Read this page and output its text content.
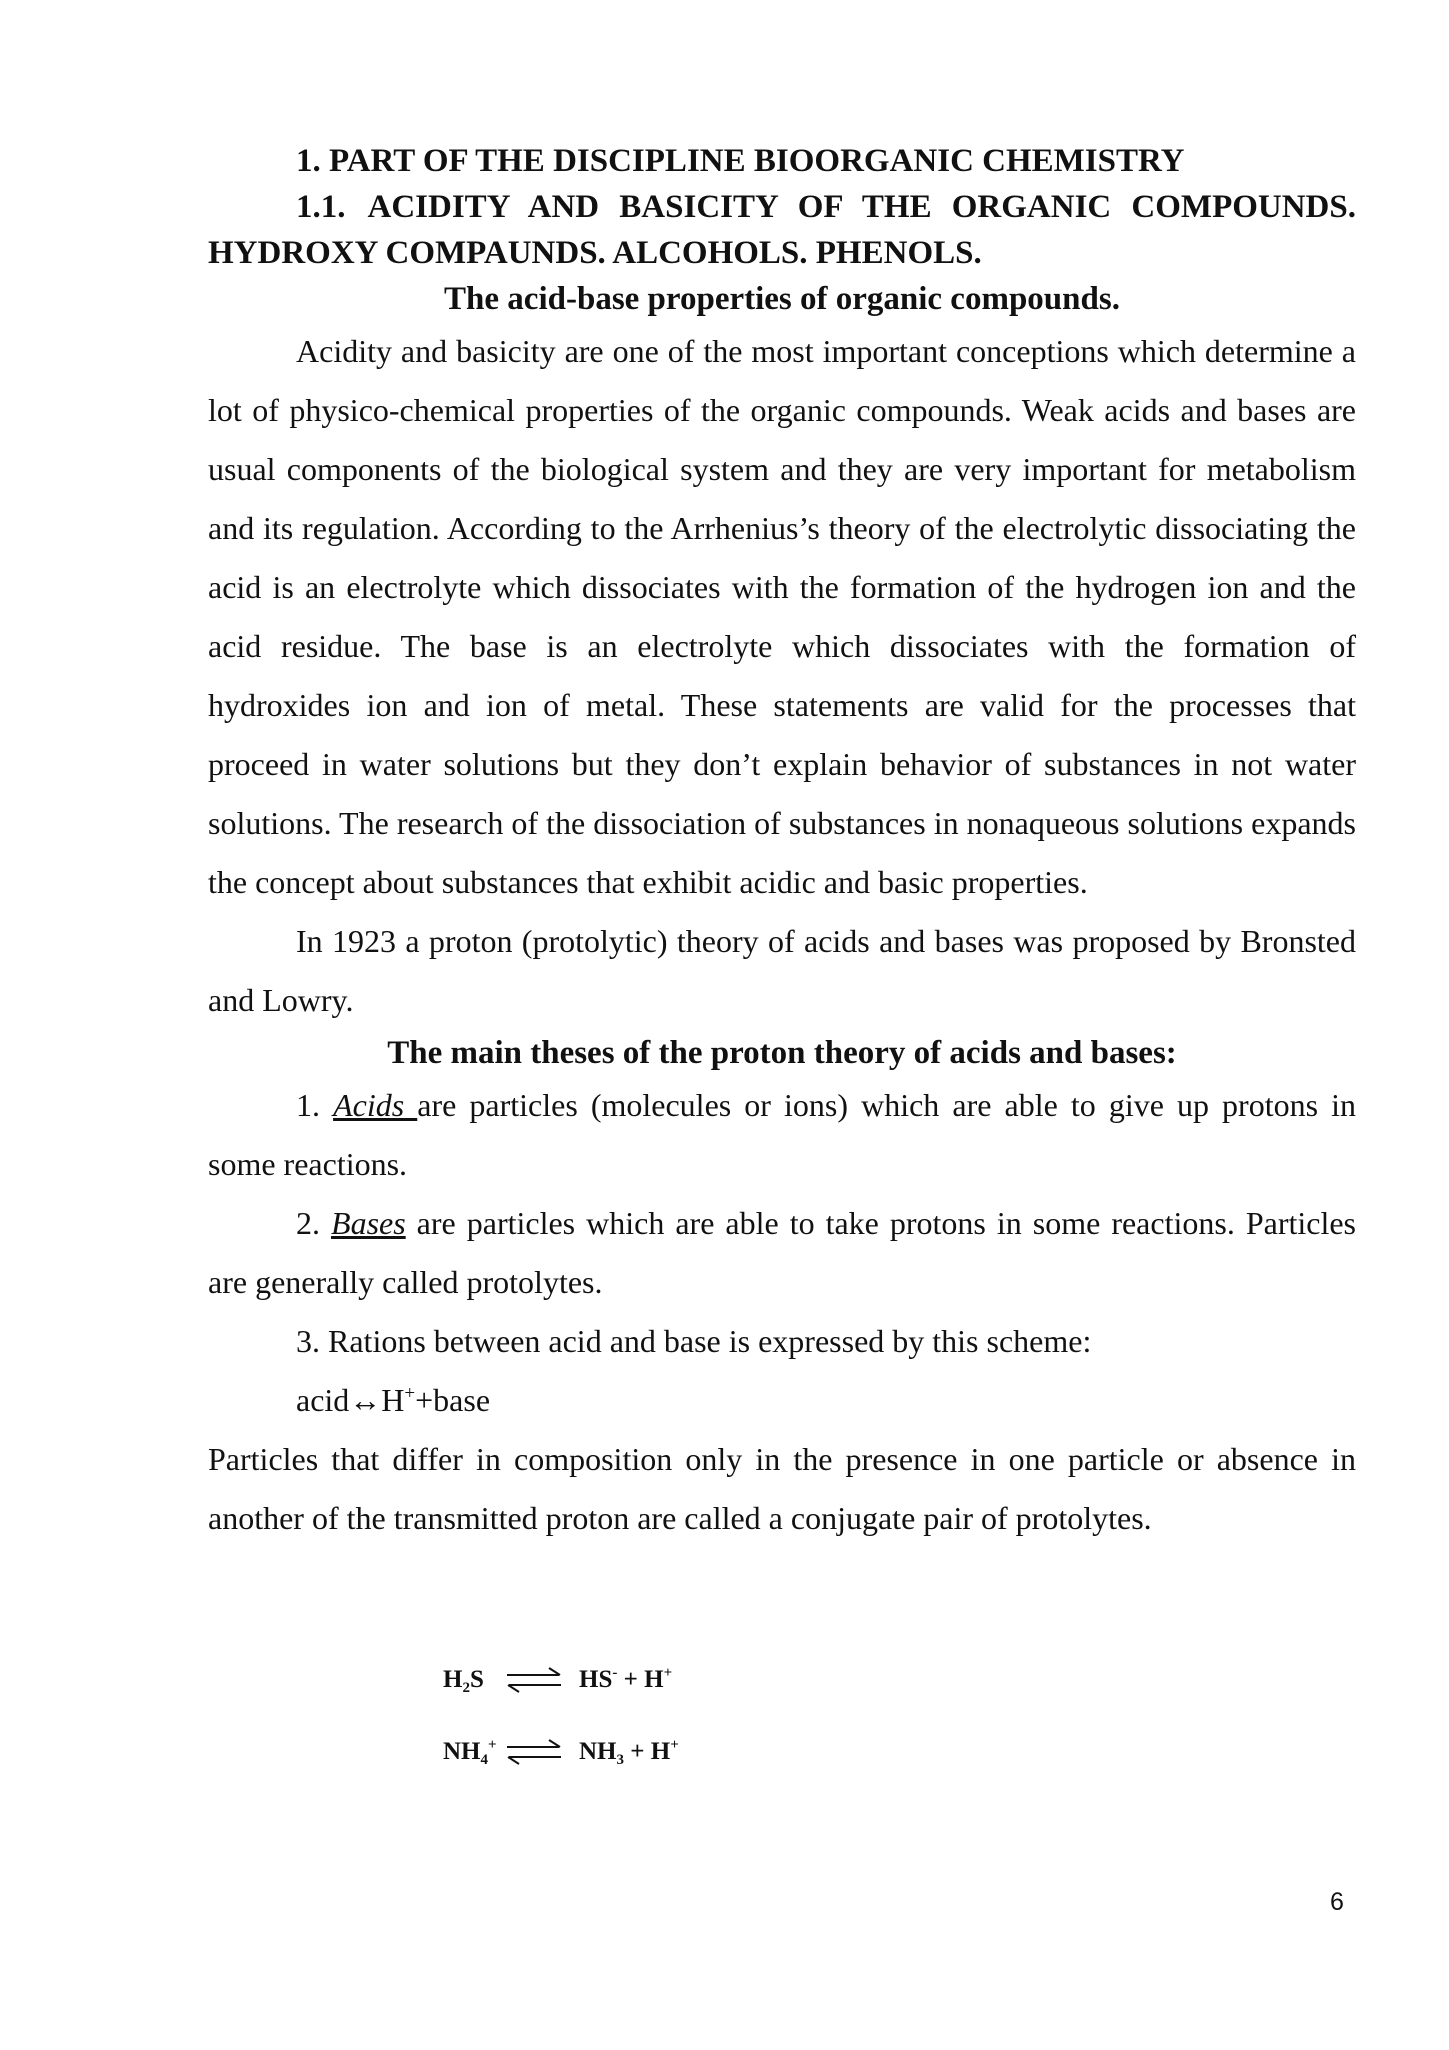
1. PART OF THE DISCIPLINE BIOORGANIC CHEMISTRY

1.1. ACIDITY AND BASICITY OF THE ORGANIC COMPOUNDS. HYDROXY COMPAUNDS. ALCOHOLS. PHENOLS.

The acid-base properties of organic compounds.

Acidity and basicity are one of the most important conceptions which determine a lot of physico-chemical properties of the organic compounds. Weak acids and bases are usual components of the biological system and they are very important for metabolism and its regulation. According to the Arrhenius’s theory of the electrolytic dissociating the acid is an electrolyte which dissociates with the formation of the hydrogen ion and the acid residue. The base is an electrolyte which dissociates with the formation of hydroxides ion and ion of metal. These statements are valid for the processes that proceed in water solutions but they don’t explain behavior of substances in not water solutions. The research of the dissociation of substances in nonaqueous solutions expands the concept about substances that exhibit acidic and basic properties.

In 1923 a proton (protolytic) theory of acids and bases was proposed by Bronsted and Lowry.

The main theses of the proton theory of acids and bases:

1. Acids are particles (molecules or ions) which are able to give up protons in some reactions.

2. Bases are particles which are able to take protons in some reactions. Particles are generally called protolytes.

3. Rations between acid and base is expressed by this scheme:

acid↔H++base

Particles that differ in composition only in the presence in one particle or absence in another of the transmitted proton are called a conjugate pair of protolytes.

$H_2S$ ⇌ HS- + H+
$NH_4^+$ ⇌ $NH_3 + H^+$
6
